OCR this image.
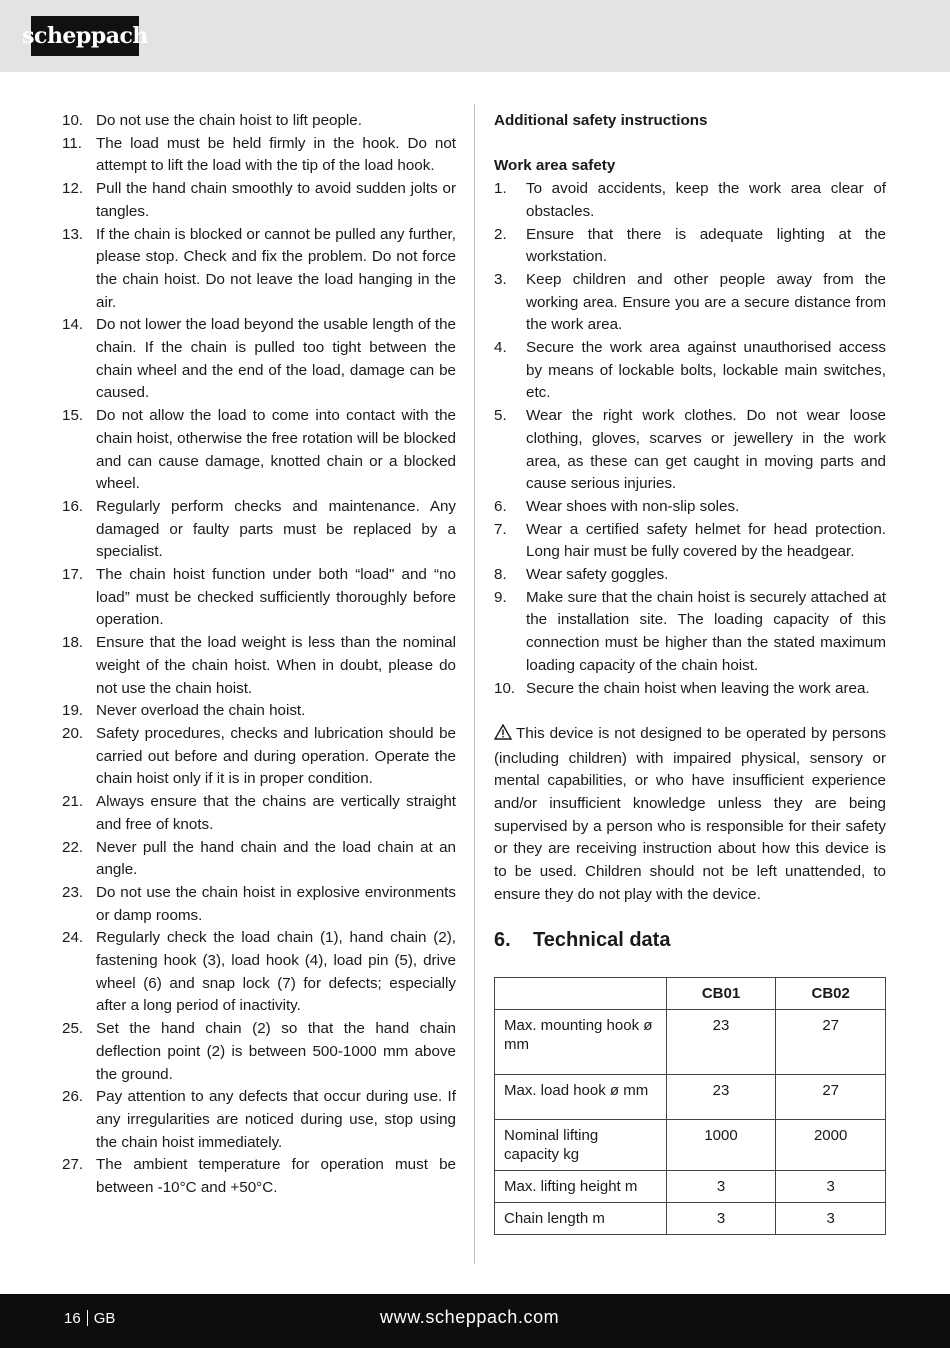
scheppach
10. Do not use the chain hoist to lift people.
11. The load must be held firmly in the hook. Do not attempt to lift the load with the tip of the load hook.
12. Pull the hand chain smoothly to avoid sudden jolts or tangles.
13. If the chain is blocked or cannot be pulled any further, please stop. Check and fix the problem. Do not force the chain hoist. Do not leave the load hanging in the air.
14. Do not lower the load beyond the usable length of the chain. If the chain is pulled too tight between the chain wheel and the end of the load, damage can be caused.
15. Do not allow the load to come into contact with the chain hoist, otherwise the free rotation will be blocked and can cause damage, knotted chain or a blocked wheel.
16. Regularly perform checks and maintenance. Any damaged or faulty parts must be replaced by a specialist.
17. The chain hoist function under both “load" and “no load” must be checked sufficiently thoroughly before operation.
18. Ensure that the load weight is less than the nominal weight of the chain hoist. When in doubt, please do not use the chain hoist.
19. Never overload the chain hoist.
20. Safety procedures, checks and lubrication should be carried out before and during operation. Operate the chain hoist only if it is in proper condition.
21. Always ensure that the chains are vertically straight and free of knots.
22. Never pull the hand chain and the load chain at an angle.
23. Do not use the chain hoist in explosive environments or damp rooms.
24. Regularly check the load chain (1), hand chain (2), fastening hook (3), load hook (4), load pin (5), drive wheel (6) and snap lock (7) for defects; especially after a long period of inactivity.
25. Set the hand chain (2) so that the hand chain deflection point (2) is between 500-1000 mm above the ground.
26. Pay attention to any defects that occur during use. If any irregularities are noticed during use, stop using the chain hoist immediately.
27. The ambient temperature for operation must be between -10°C and +50°C.

Additional safety instructions

Work area safety

1.	To avoid accidents, keep the work area clear of obstacles.
2.	Ensure that there is adequate lighting at the workstation.
3.	Keep children and other people away from the working area. Ensure you are a secure distance from the work area.
4.	Secure the work area against unauthorised access by means of lockable bolts, lockable main switches, etc.
5.	Wear the right work clothes. Do not wear loose clothing, gloves, scarves or jewellery in the work area, as these can get caught in moving parts and cause serious injuries.
6.	Wear shoes with non-slip soles.
7.	Wear a certified safety helmet for head protection. Long hair must be fully covered by the headgear.
8.	Wear safety goggles.
9.	Make sure that the chain hoist is securely attached at the installation site. The loading capacity of this connection must be higher than the stated maximum loading capacity of the chain hoist.
10. Secure the chain hoist when leaving the work area.

This device is not designed to be operated by persons (including children) with impaired physical, sensory or mental capabilities, or who have insufficient experience and/or insufficient knowledge unless they are being supervised by a person who is responsible for their safety or they are receiving instruction about how this device is to be used. Children should not be left unattended, to ensure they do not play with the device.

6.	Technical data
	CB01	CB02
Max. mounting hook ø mm	23	27
Max. load hook ø mm	23	27
Nominal lifting capacity kg	1000	2000
Max. lifting height m	3	3
Chain length m	3	3
16 GB	www.scheppach.com
